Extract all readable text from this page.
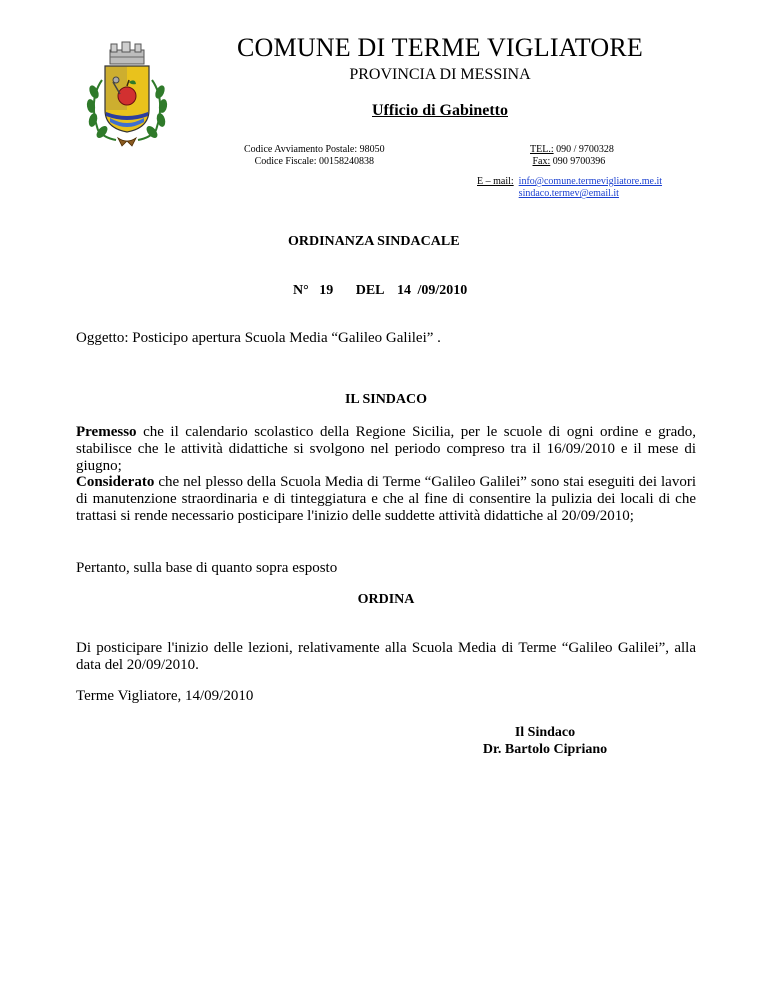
COMUNE DI TERME VIGLIATORE
PROVINCIA DI MESSINA
Ufficio di Gabinetto
Codice Avviamento Postale: 98050
Codice Fiscale: 00158240838
TEL.: 090 / 9700328
Fax: 090 9700396
E – mail: info@comune.termevigliatore.me.it
sindaco.termev@email.it
ORDINANZA SINDACALE
N° 19 DEL 14 /09/2010
Oggetto: Posticipo apertura Scuola Media “Galileo Galilei” .
IL SINDACO
Premesso che il calendario scolastico della Regione Sicilia, per le scuole di ogni ordine e grado, stabilisce che le attività didattiche si svolgono nel periodo compreso tra il 16/09/2010 e il mese di giugno;
Considerato che nel plesso della Scuola Media di Terme “Galileo Galilei” sono stai eseguiti dei lavori di manutenzione straordinaria e di tinteggiatura e che al fine di consentire la pulizia dei locali di che trattasi si rende necessario posticipare l'inizio delle suddette attività didattiche al 20/09/2010;
Pertanto, sulla base di quanto sopra esposto
ORDINA
Di posticipare l'inizio delle lezioni, relativamente alla Scuola Media di Terme “Galileo Galilei”, alla data del 20/09/2010.
Terme Vigliatore, 14/09/2010
Il Sindaco
Dr. Bartolo Cipriano
